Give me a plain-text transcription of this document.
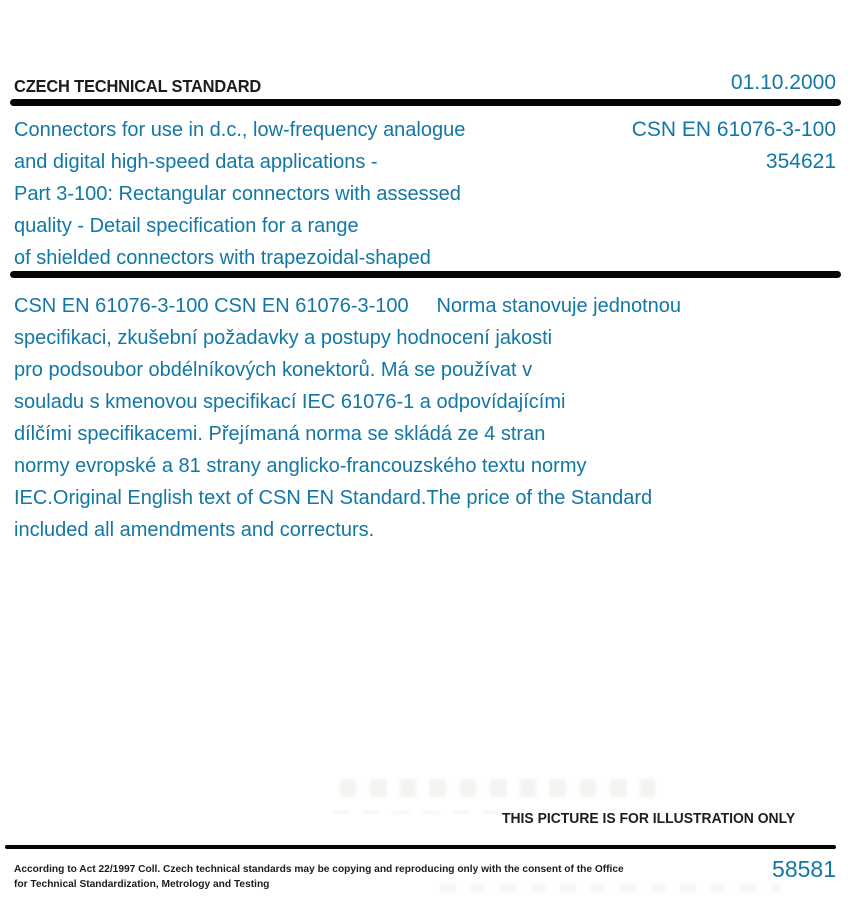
CZECH TECHNICAL STANDARD	01.10.2000
Connectors for use in d.c., low-frequency analogue
and digital high-speed data applications -
Part 3-100: Rectangular connectors with assessed
quality - Detail specification for a range
of shielded connectors with trapezoidal-shaped
CSN EN 61076-3-100
354621
CSN EN 61076-3-100 CSN EN 61076-3-100     Norma stanovuje jednotnou
specifikaci, zkušební požadavky a postupy hodnocení jakosti
pro podsoubor obdélníkových konektorů. Má se používat v
souladu s kmenovou specifikací IEC 61076-1 a odpovídajícími
dílčími specifikacemi. Přejímaná norma se skládá ze 4 stran
normy evropské a 81 strany anglicko-francouzského textu normy
IEC.Original English text of CSN EN Standard.The price of the Standard
included all amendments and correcturs.
THIS PICTURE IS FOR ILLUSTRATION ONLY
According to Act 22/1997 Coll. Czech technical standards may be copying and reproducing only with the consent of the Office
for Technical Standardization, Metrology and Testing
58581
